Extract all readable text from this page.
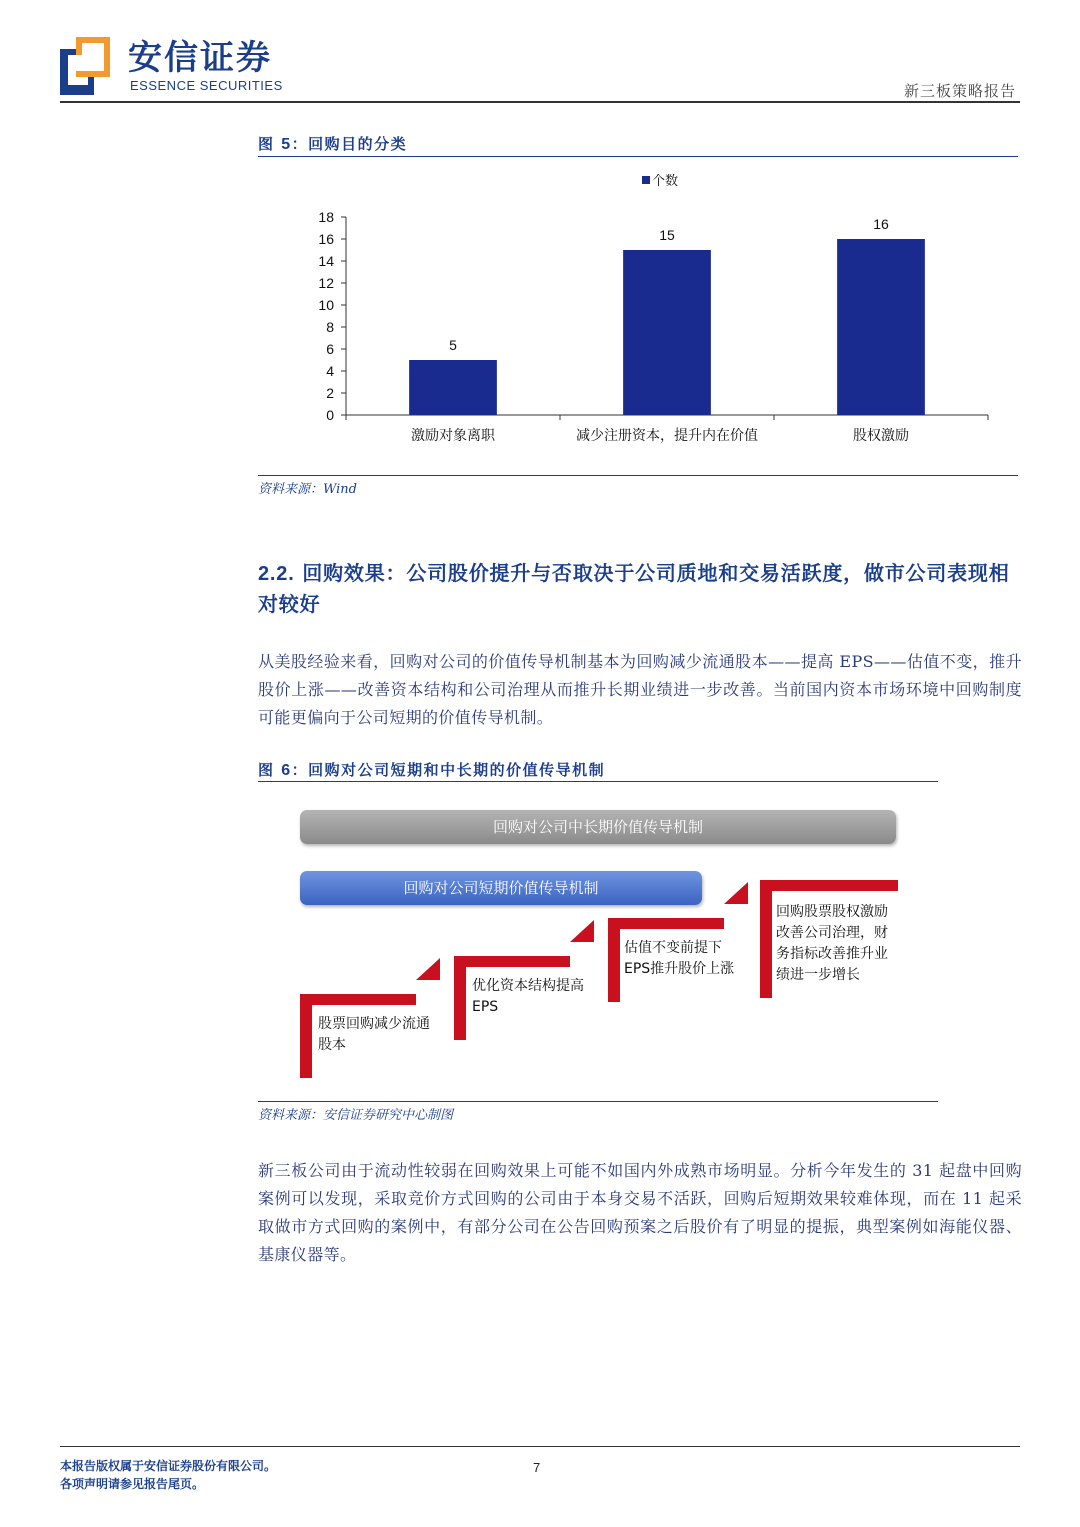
安信证券
ESSENCE SECURITIES	新三板策略报告
图 5：回购目的分类
0
2
4
6
8
10
12
14
16
18
5
激励对象离职
15
减少注册资本，提升内在价值
16
股权激励
个数
资料来源：Wind
2.2. 回购效果：公司股价提升与否取决于公司质地和交易活跃度，做市公司表现相对较好
从美股经验来看，回购对公司的价值传导机制基本为回购减少流通股本——提高 EPS——估值不变，推升股价上涨——改善资本结构和公司治理从而推升长期业绩进一步改善。当前国内资本市场环境中回购制度可能更偏向于公司短期的价值传导机制。
图 6：回购对公司短期和中长期的价值传导机制
回购对公司中长期价值传导机制
回购对公司短期价值传导机制
股票回购减少流通股本
优化资本结构提高EPS
估值不变前提下EPS推升股价上涨
回购股票股权激励改善公司治理，财务指标改善推升业绩进一步增长
资料来源：安信证券研究中心制图
新三板公司由于流动性较弱在回购效果上可能不如国内外成熟市场明显。分析今年发生的 31 起盘中回购案例可以发现，采取竞价方式回购的公司由于本身交易不活跃，回购后短期效果较难体现，而在 11 起采取做市方式回购的案例中，有部分公司在公告回购预案之后股价有了明显的提振，典型案例如海能仪器、基康仪器等。
本报告版权属于安信证券股份有限公司。
各项声明请参见报告尾页。
7
